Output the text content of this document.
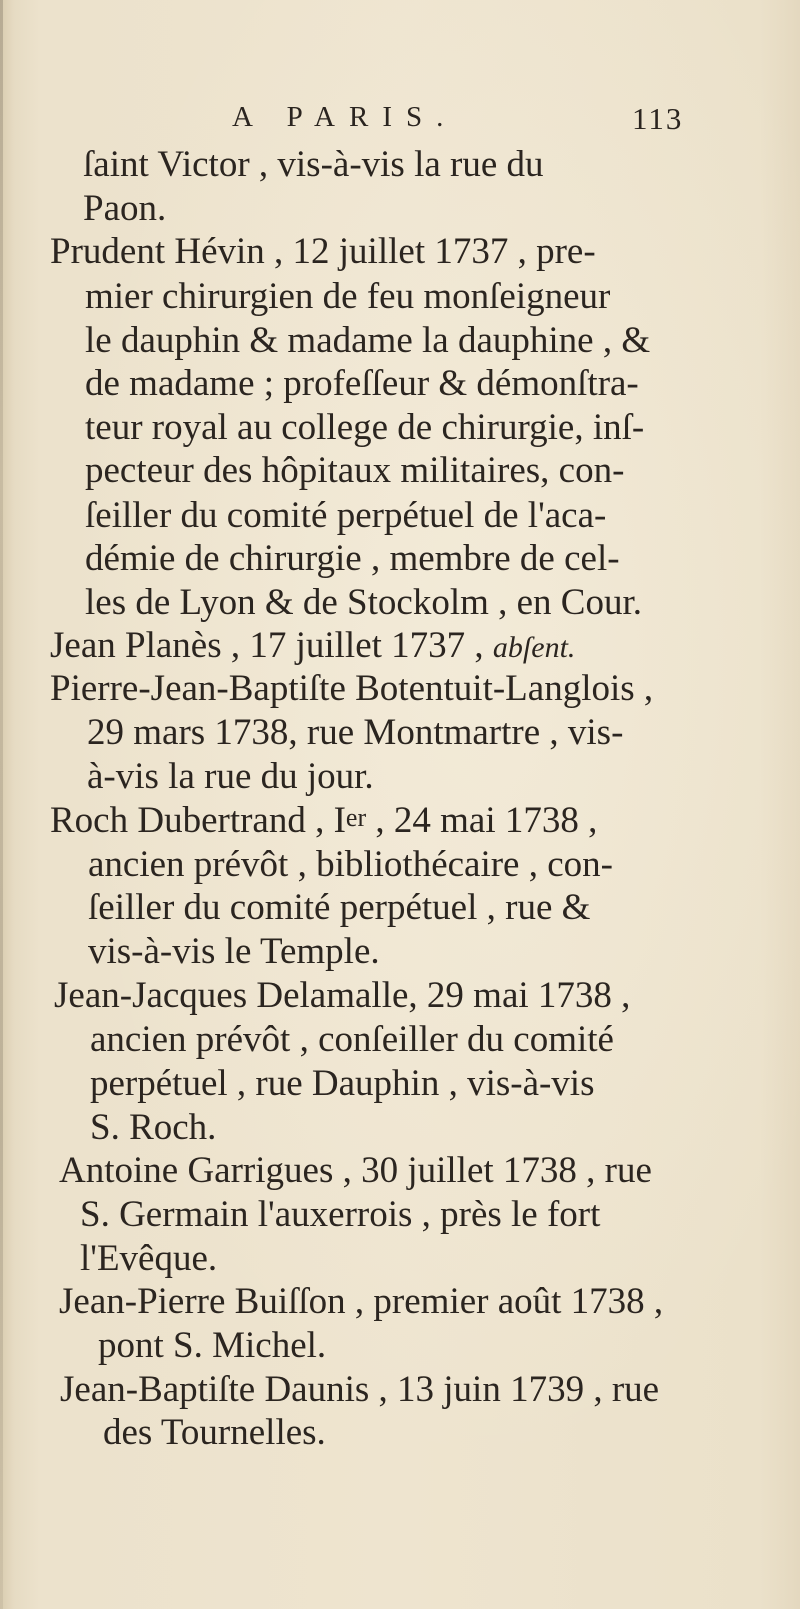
A PARIS.	113
ſaint Victor , vis-à-vis la rue du
Paon.
Prudent Hévin , 12 juillet 1737 , pre-
mier chirurgien de feu monſeigneur
le dauphin & madame la dauphine , &
de madame ; profeſſeur & démonſtra-
teur royal au college de chirurgie, inſ-
pecteur des hôpitaux militaires, con-
ſeiller du comité perpétuel de l'aca-
démie de chirurgie , membre de cel-
les de Lyon & de Stockolm , en Cour.
Jean Planès , 17 juillet 1737 , abſent.
Pierre-Jean-Baptiſte Botentuit-Langlois ,
29 mars 1738, rue Montmartre , vis-
à-vis la rue du jour.
Roch Dubertrand , Ier , 24 mai 1738 ,
ancien prévôt , bibliothécaire , con-
ſeiller du comité perpétuel , rue &
vis-à-vis le Temple.
Jean-Jacques Delamalle, 29 mai 1738 ,
ancien prévôt , conſeiller du comité
perpétuel , rue Dauphin , vis-à-vis
S. Roch.
Antoine Garrigues , 30 juillet 1738 , rue
S. Germain l'auxerrois , près le fort
l'Evêque.
Jean-Pierre Buiſſon , premier août 1738 ,
pont S. Michel.
Jean-Baptiſte Daunis , 13 juin 1739 , rue
des Tournelles.
